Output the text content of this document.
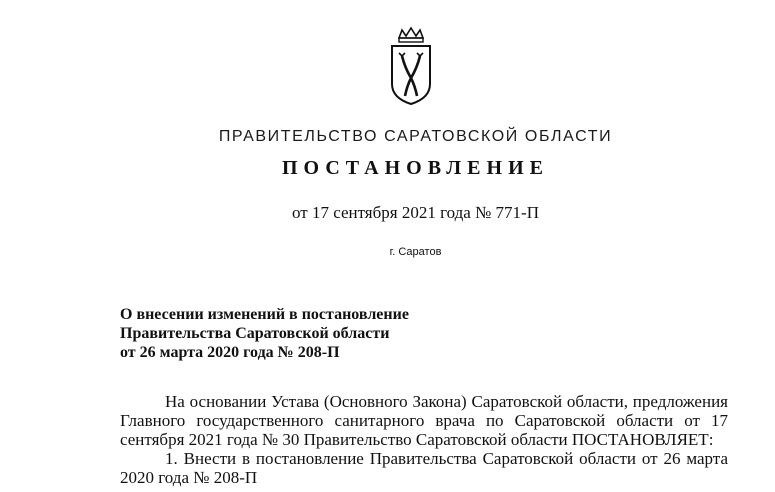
ПРАВИТЕЛЬСТВО САРАТОВСКОЙ ОБЛАСТИ
ПОСТАНОВЛЕНИЕ
от 17 сентября 2021 года № 771-П
г. Саратов
О внесении изменений в постановление
Правительства Саратовской области
от 26 марта 2020 года № 208-П

На основании Устава (Основного Закона) Саратовской области, предложения Главного государственного санитарного врача по Саратовской области от 17 сентября 2021 года № 30 Правительство Саратовской области ПОСТАНОВЛЯЕТ:

1. Внести в постановление Правительства Саратовской области от 26 марта 2020 года № 208-П
